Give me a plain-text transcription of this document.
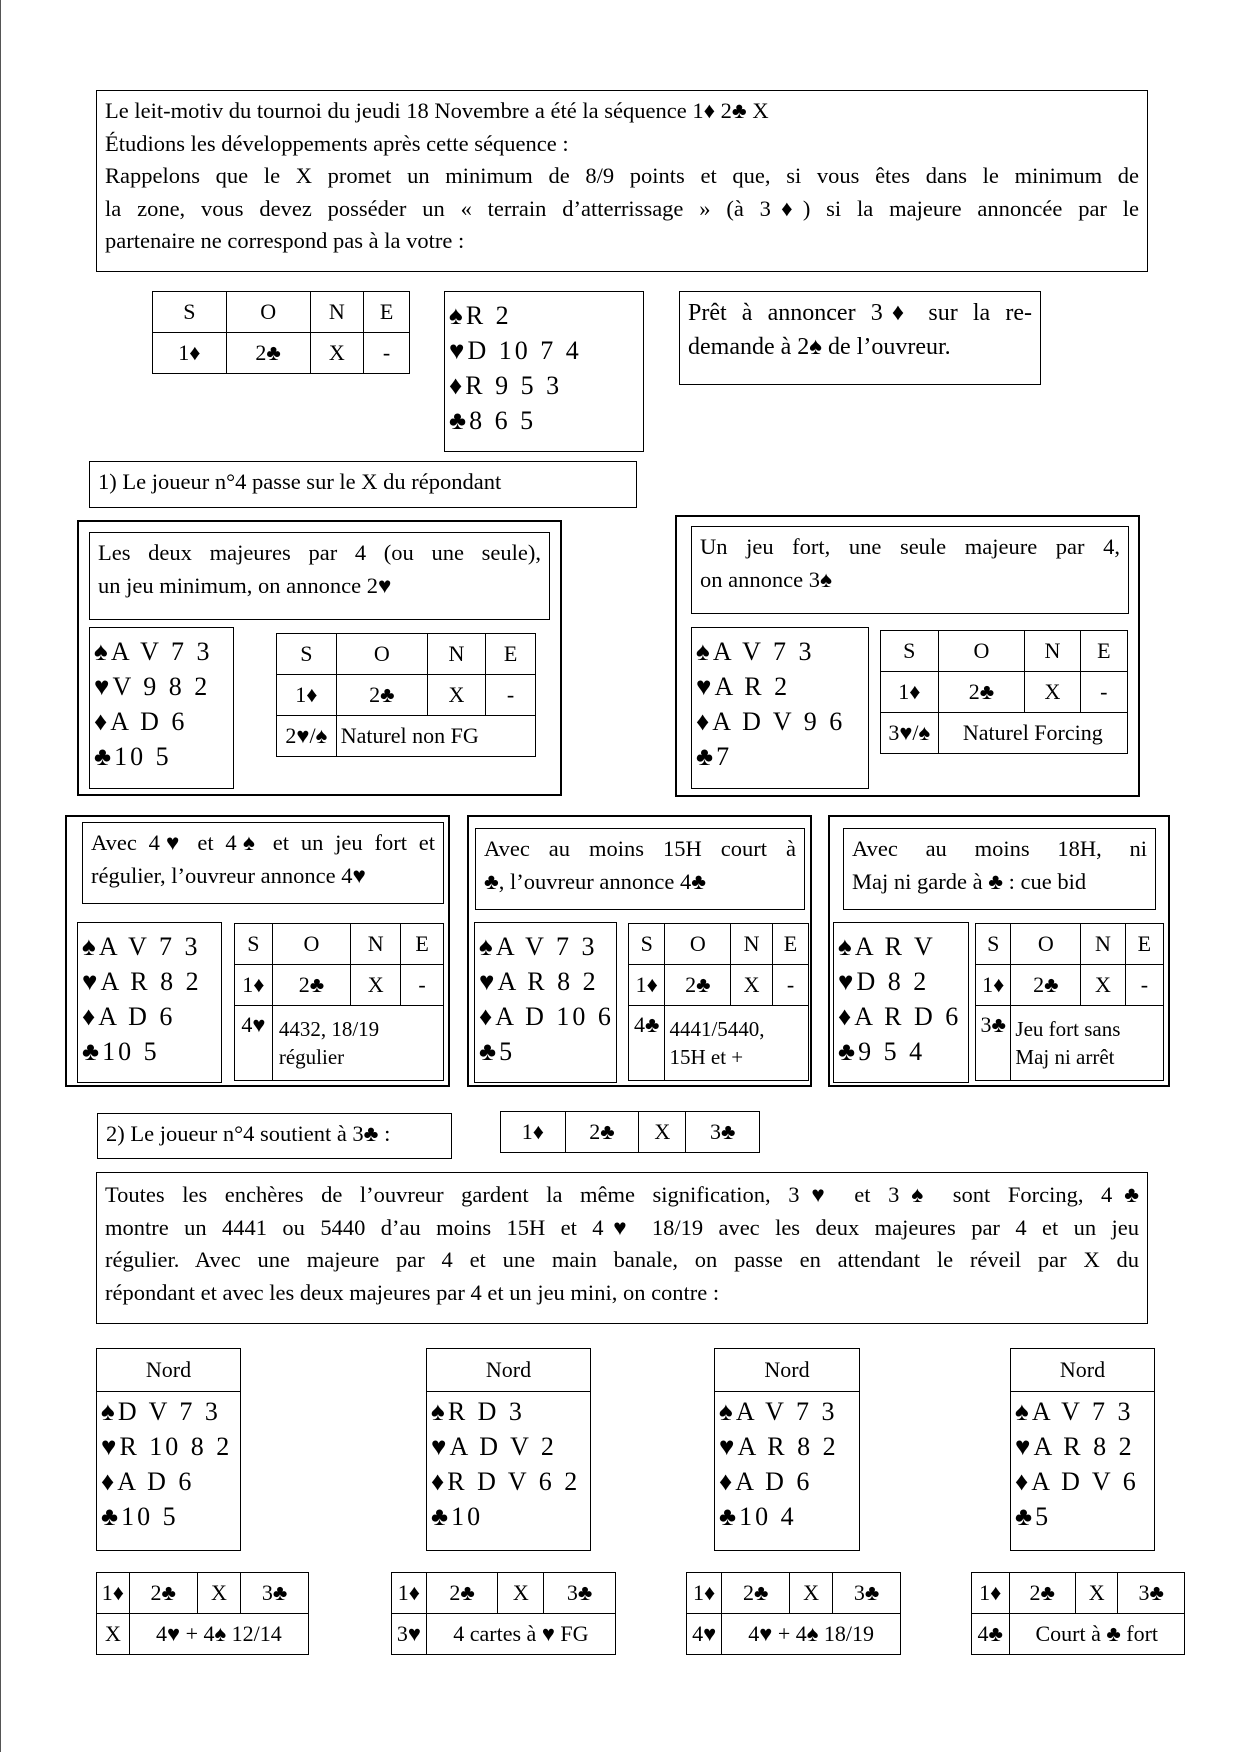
Le leit-motiv du tournoi du jeudi 18 Novembre a été la séquence 1♦ 2♣ X
Étudions les développements après cette séquence :
Rappelons que le X promet un minimum de 8/9 points et que, si vous êtes dans le minimum de
la zone, vous devez posséder un « terrain d’atterrissage » (à 3♦) si la majeure annoncée par le
partenaire ne correspond pas à la votre :
S	O	N	E
1♦	2♣	X	-
♠R 2
♥D 10 7 4
♦R 9 5 3
♣8 6 5
Prêt à annoncer 3♦ sur la re-
demande à 2♠ de l’ouvreur.
1) Le joueur n°4 passe sur le X du répondant
Les deux majeures par 4 (ou une seule),
un jeu minimum, on annonce 2♥
♠A V 7 3
♥V 9 8 2
♦A D 6
♣10 5
S	O	N	E
1♦	2♣	X	-
2♥/♠	Naturel non FG		
Un jeu fort, une seule majeure par 4,
on annonce 3♠
♠A V 7 3
♥A R 2
♦A D V 9 6
♣7
S	O	N	E
1♦	2♣	X	-
3♥/♠	Naturel Forcing		
Avec 4♥ et 4♠ et un jeu fort et
régulier, l’ouvreur annonce 4♥
♠A V 7 3
♥A R 8 2
♦A D 6
♣10 5
S	O	N	E
1♦	2♣	X	-
4♥	4432, 18/19
régulier		
Avec au moins 15H court à
♣, l’ouvreur annonce 4♣
♠A V 7 3
♥A R 8 2
♦A D 10 6
♣5
S	O	N	E
1♦	2♣	X	-
4♣	4441/5440,
15H et +		
Avec au moins 18H, ni
Maj ni garde à ♣ : cue bid
♠A R V
♥D 8 2
♦A R D 6
♣9 5 4
S	O	N	E
1♦	2♣	X	-
3♣	Jeu fort sans
Maj ni arrêt		
2) Le joueur n°4 soutient à 3♣ :	1♦	2♣	X	3♣
Toutes les enchères de l’ouvreur gardent la même signification, 3♥ et 3♠ sont Forcing, 4♣
montre un 4441 ou 5440 d’au moins 15H et 4♥ 18/19 avec les deux majeures par 4 et un jeu
régulier. Avec une majeure par 4 et une main banale, on passe en attendant le réveil par X du
répondant et avec les deux majeures par 4 et un jeu mini, on contre :
Nord
♠D V 7 3
♥R 10 8 2
♦A D 6
♣10 5
1♦	2♣	X	3♣
X	4♥ + 4♠ 12/14		
Nord
♠R D 3
♥A D V 2
♦R D V 6 2
♣10
1♦	2♣	X	3♣
3♥	4 cartes à ♥ FG		
Nord
♠A V 7 3
♥A R 8 2
♦A D 6
♣10 4
1♦	2♣	X	3♣
4♥	4♥ + 4♠ 18/19		
Nord
♠A V 7 3
♥A R 8 2
♦A D V 6
♣5
1♦	2♣	X	3♣
4♣	Court à ♣ fort		
